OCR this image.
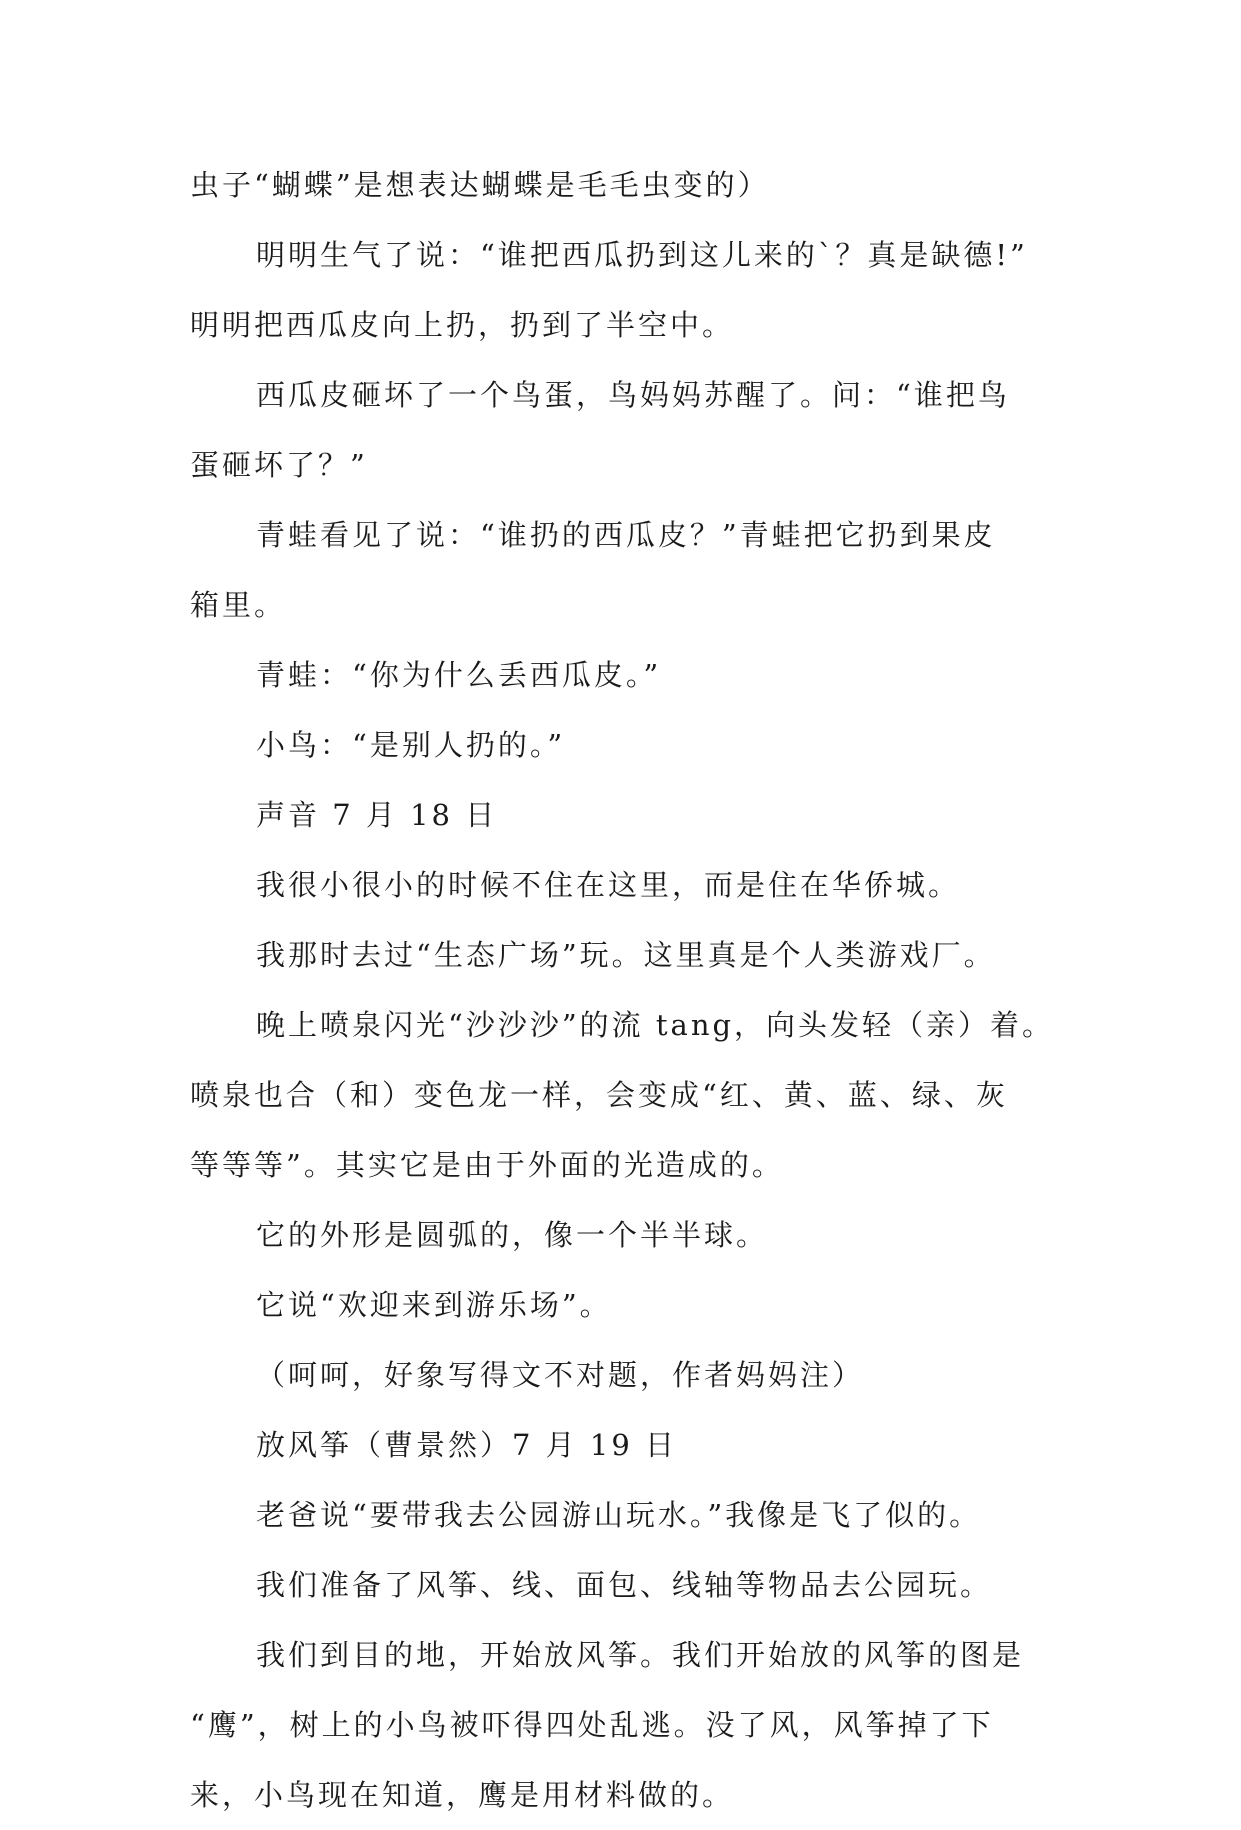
虫子“蝴蝶”是想表达蝴蝶是毛毛虫变的）
明明生气了说：“谁把西瓜扔到这儿来的`？真是缺德!”
明明把西瓜皮向上扔，扔到了半空中。
西瓜皮砸坏了一个鸟蛋，鸟妈妈苏醒了。问：“谁把鸟
蛋砸坏了？”
青蛙看见了说：“谁扔的西瓜皮？”青蛙把它扔到果皮
箱里。
青蛙：“你为什么丢西瓜皮。”
小鸟：“是别人扔的。”
声音 7 月 18 日
我很小很小的时候不住在这里，而是住在华侨城。
我那时去过“生态广场”玩。这里真是个人类游戏厂。
晚上喷泉闪光“沙沙沙”的流 tang，向头发轻（亲）着。
喷泉也合（和）变色龙一样，会变成“红、黄、蓝、绿、灰
等等等”。其实它是由于外面的光造成的。
它的外形是圆弧的，像一个半半球。
它说“欢迎来到游乐场”。
（呵呵，好象写得文不对题，作者妈妈注）
放风筝（曹景然）7 月 19 日
老爸说“要带我去公园游山玩水。”我像是飞了似的。
我们准备了风筝、线、面包、线轴等物品去公园玩。
我们到目的地，开始放风筝。我们开始放的风筝的图是
“鹰”，树上的小鸟被吓得四处乱逃。没了风，风筝掉了下
来，小鸟现在知道，鹰是用材料做的。
